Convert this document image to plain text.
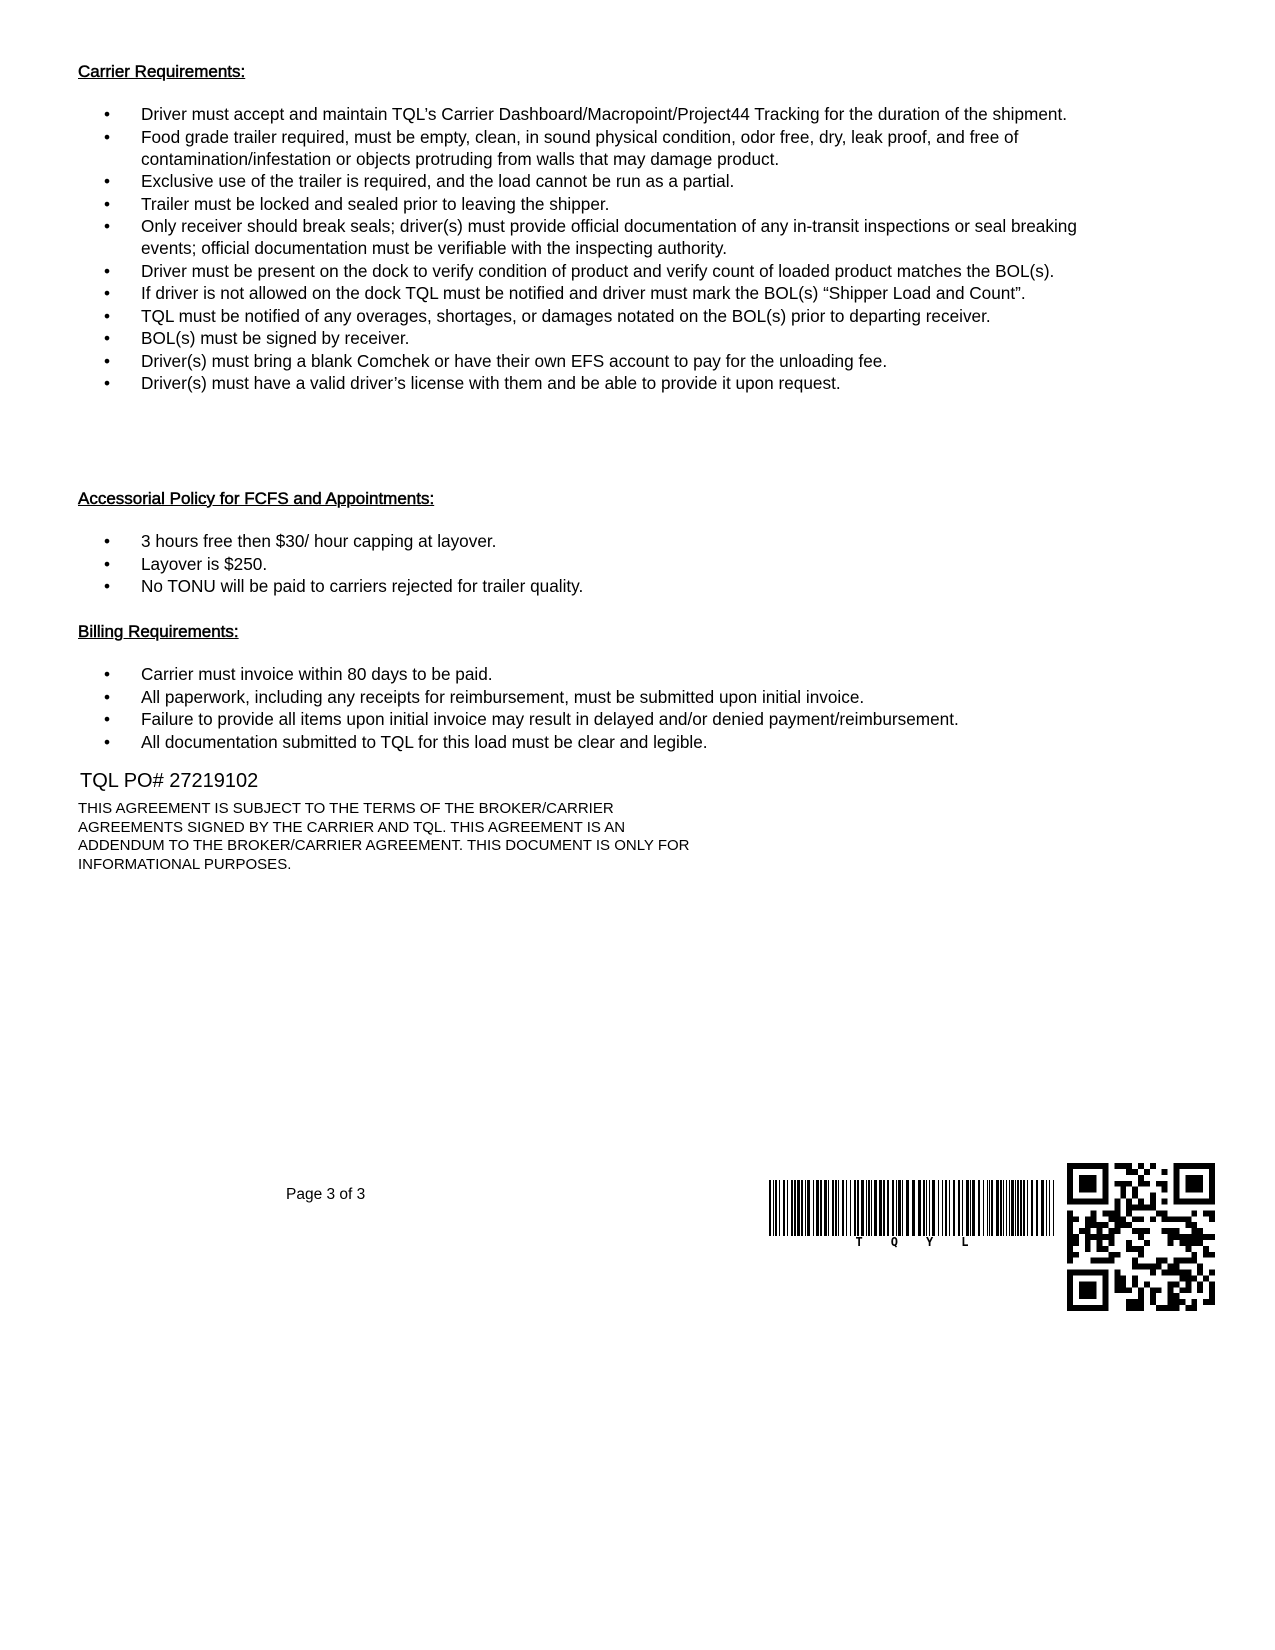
Carrier Requirements:
• Driver must accept and maintain TQL’s Carrier Dashboard/Macropoint/Project44 Tracking for the duration of the shipment.
• Food grade trailer required, must be empty, clean, in sound physical condition, odor free, dry, leak proof, and free of contamination/infestation or objects protruding from walls that may damage product.
• Exclusive use of the trailer is required, and the load cannot be run as a partial.
• Trailer must be locked and sealed prior to leaving the shipper.
• Only receiver should break seals; driver(s) must provide official documentation of any in-transit inspections or seal breaking events; official documentation must be verifiable with the inspecting authority.
• Driver must be present on the dock to verify condition of product and verify count of loaded product matches the BOL(s).
• If driver is not allowed on the dock TQL must be notified and driver must mark the BOL(s) “Shipper Load and Count”.
• TQL must be notified of any overages, shortages, or damages notated on the BOL(s) prior to departing receiver.
• BOL(s) must be signed by receiver.
• Driver(s) must bring a blank Comchek or have their own EFS account to pay for the unloading fee.
• Driver(s) must have a valid driver’s license with them and be able to provide it upon request.
Accessorial Policy for FCFS and Appointments:
• 3 hours free then $30/ hour capping at layover.
• Layover is $250.
• No TONU will be paid to carriers rejected for trailer quality.
Billing Requirements:
• Carrier must invoice within 80 days to be paid.
• All paperwork, including any receipts for reimbursement, must be submitted upon initial invoice.
• Failure to provide all items upon initial invoice may result in delayed and/or denied payment/reimbursement.
• All documentation submitted to TQL for this load must be clear and legible.

TQL PO# 27219102

THIS AGREEMENT IS SUBJECT TO THE TERMS OF THE BROKER/CARRIER
AGREEMENTS SIGNED BY THE CARRIER AND TQL. THIS AGREEMENT IS AN
ADDENDUM TO THE BROKER/CARRIER AGREEMENT. THIS DOCUMENT IS ONLY FOR
INFORMATIONAL PURPOSES.

Page 3 of 3
T Q Y L
